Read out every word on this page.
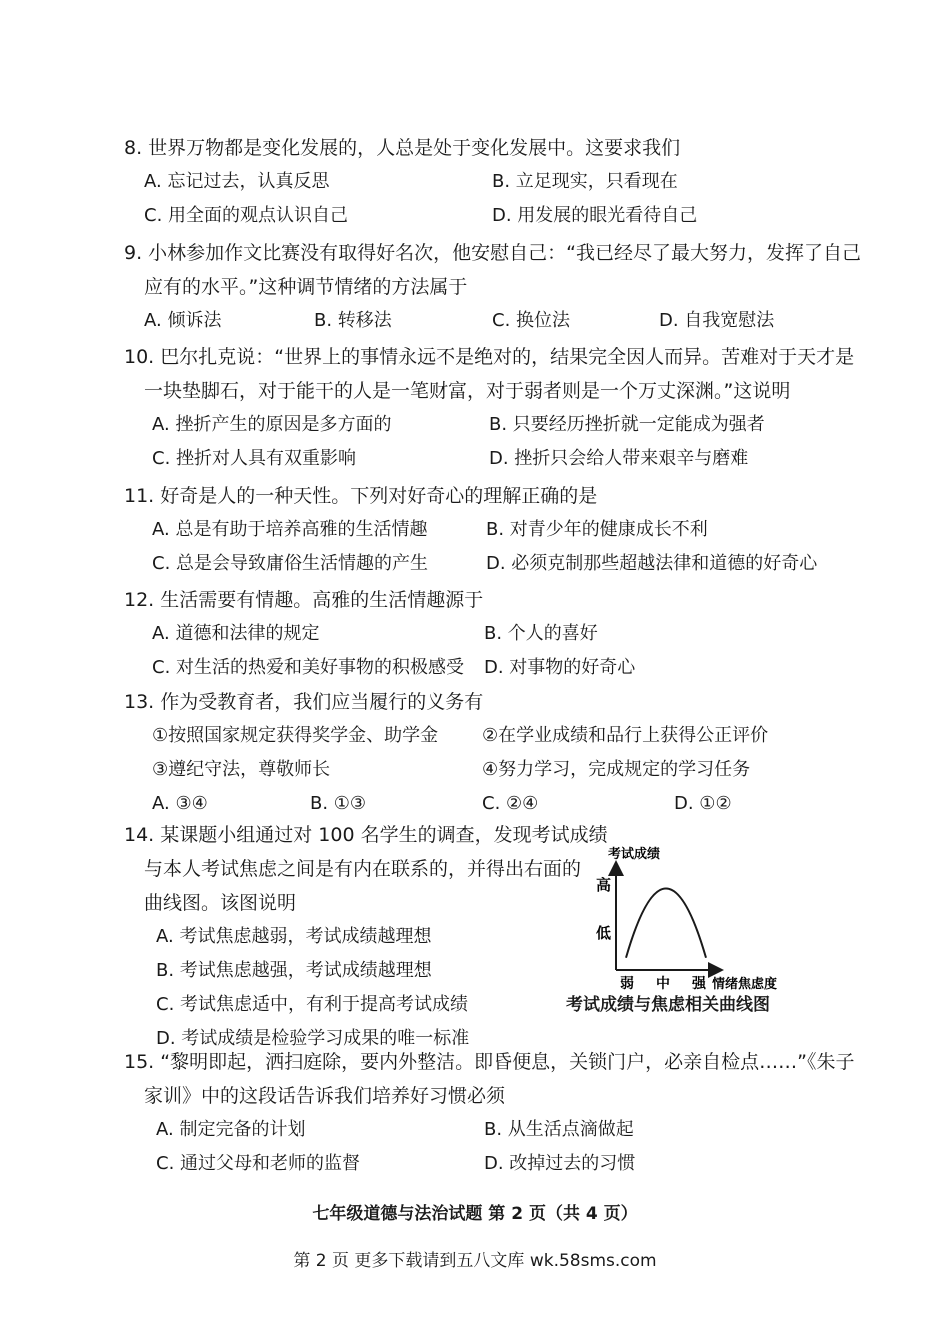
8. 世界万物都是变化发展的，人总是处于变化发展中。这要求我们
A. 忘记过去，认真反思	B. 立足现实，只看现在
C. 用全面的观点认识自己	D. 用发展的眼光看待自己
9. 小林参加作文比赛没有取得好名次，他安慰自己：“我已经尽了最大努力，发挥了自己
应有的水平。”这种调节情绪的方法属于
A. 倾诉法	B. 转移法	C. 换位法	D. 自我宽慰法
10. 巴尔扎克说：“世界上的事情永远不是绝对的，结果完全因人而异。苦难对于天才是
一块垫脚石，对于能干的人是一笔财富，对于弱者则是一个万丈深渊。”这说明
A. 挫折产生的原因是多方面的	B. 只要经历挫折就一定能成为强者
C. 挫折对人具有双重影响	D. 挫折只会给人带来艰辛与磨难
11. 好奇是人的一种天性。下列对好奇心的理解正确的是
A. 总是有助于培养高雅的生活情趣	B. 对青少年的健康成长不利
C. 总是会导致庸俗生活情趣的产生	D. 必须克制那些超越法律和道德的好奇心
12. 生活需要有情趣。高雅的生活情趣源于
A. 道德和法律的规定	B. 个人的喜好
C. 对生活的热爱和美好事物的积极感受 D. 对事物的好奇心
13. 作为受教育者，我们应当履行的义务有
①按照国家规定获得奖学金、助学金 ②在学业成绩和品行上获得公正评价
③遵纪守法，尊敬师长	④努力学习，完成规定的学习任务
A. ③④	B. ①③	C. ②④	D. ①②
14. 某课题小组通过对 100 名学生的调查，发现考试成绩
与本人考试焦虑之间是有内在联系的，并得出右面的
曲线图。该图说明
A. 考试焦虑越弱，考试成绩越理想
B. 考试焦虑越强，考试成绩越理想
C. 考试焦虑适中，有利于提高考试成绩
D. 考试成绩是检验学习成果的唯一标准
考试成绩
高
低
弱 中 强 情绪焦虑度
考试成绩与焦虑相关曲线图
15. “黎明即起，洒扫庭除，要内外整洁。即昏便息，关锁门户，必亲自检点……”《朱子
家训》中的这段话告诉我们培养好习惯必须
A. 制定完备的计划	B. 从生活点滴做起
C. 通过父母和老师的监督	D. 改掉过去的习惯
七年级道德与法治试题 第 2 页（共 4 页）
第 2 页 更多下载请到五八文库 wk.58sms.com
